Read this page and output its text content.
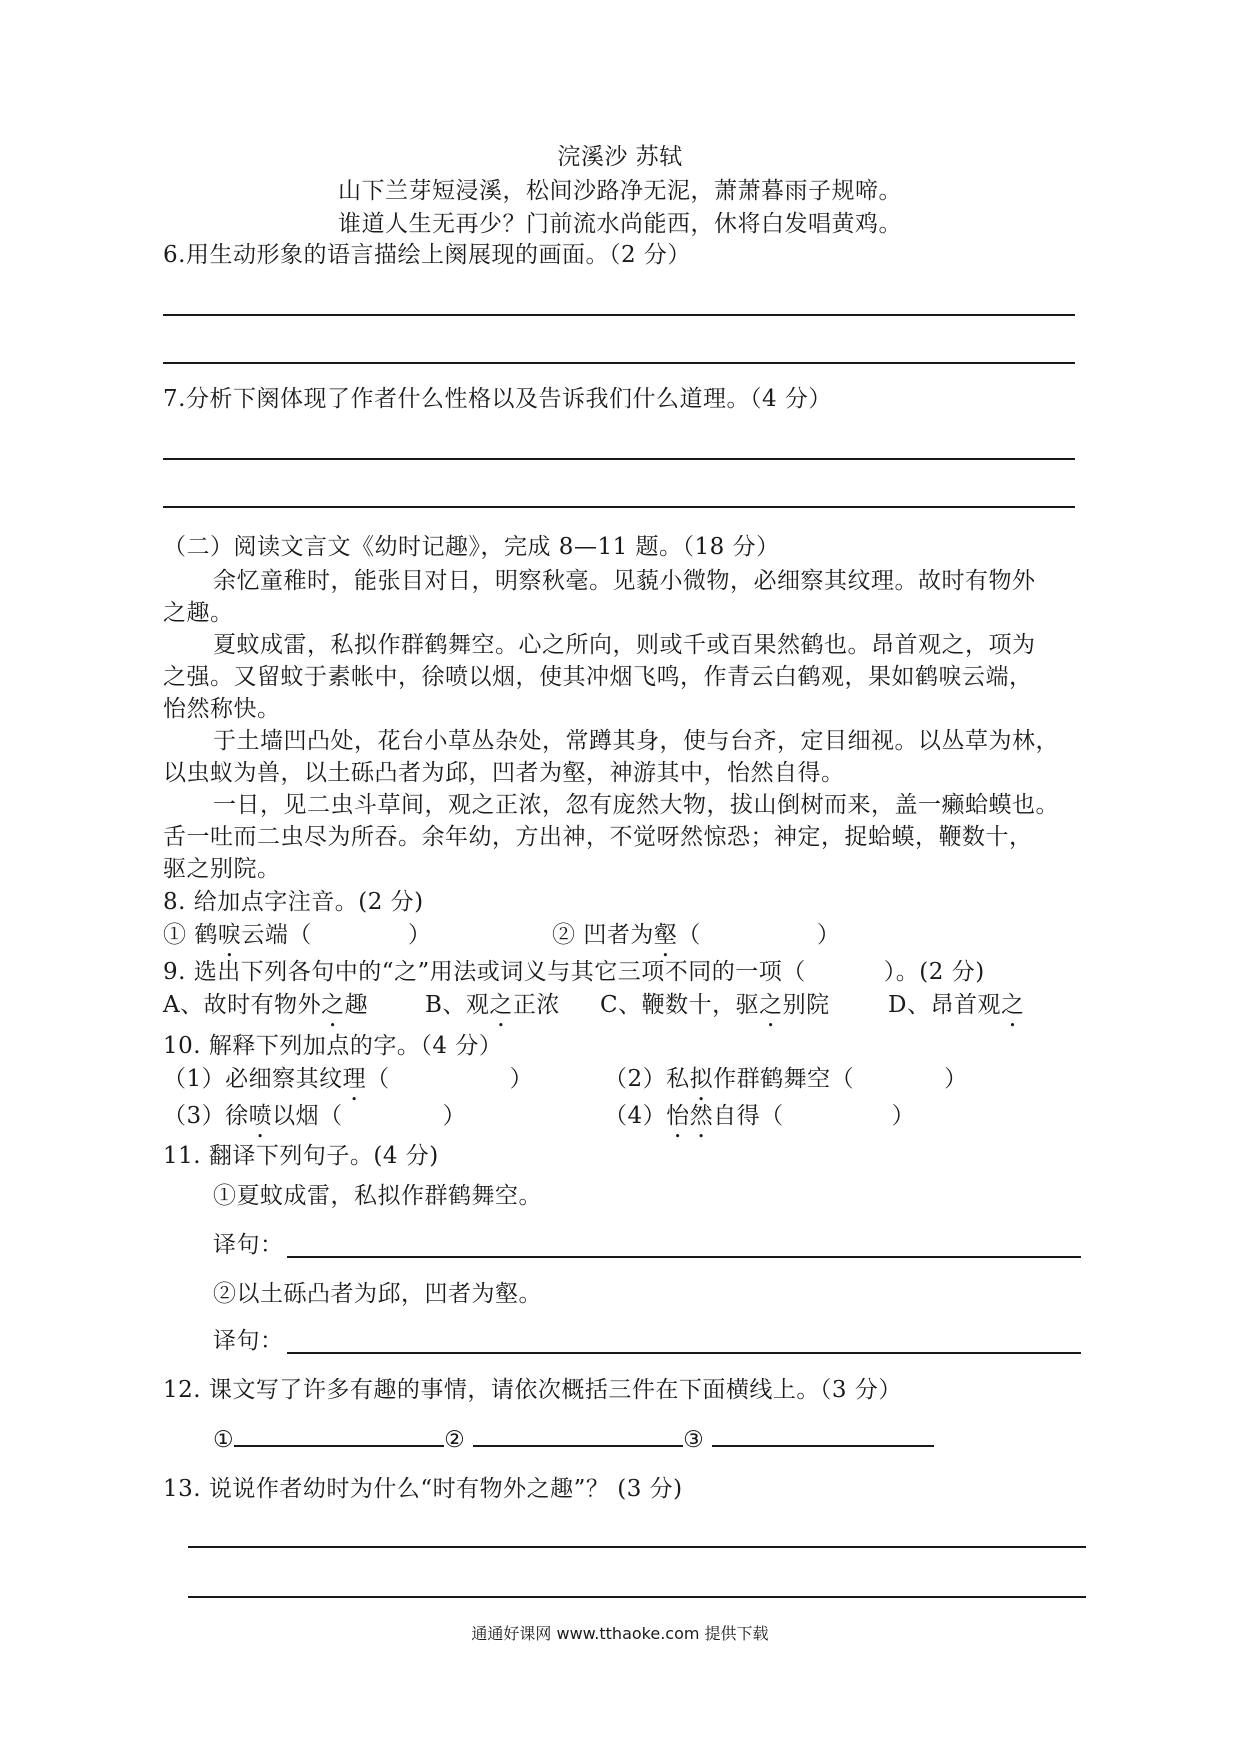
浣溪沙 苏轼
山下兰芽短浸溪，松间沙路净无泥，萧萧暮雨子规啼。
谁道人生无再少？门前流水尚能西，休将白发唱黄鸡。
6.用生动形象的语言描绘上阕展现的画面。（2 分）
7.分析下阕体现了作者什么性格以及告诉我们什么道理。（4 分）
（二）阅读文言文《幼时记趣》，完成 8—11 题。（18 分）
余忆童稚时，能张目对日，明察秋毫。见藐小微物，必细察其纹理。故时有物外
之趣。
夏蚊成雷，私拟作群鹤舞空。心之所向，则或千或百果然鹤也。昂首观之，项为
之强。又留蚊于素帐中，徐喷以烟，使其冲烟飞鸣，作青云白鹤观，果如鹤唳云端，
怡然称快。
于土墙凹凸处，花台小草丛杂处，常蹲其身，使与台齐，定目细视。以丛草为林，
以虫蚁为兽，以土砾凸者为邱，凹者为壑，神游其中，怡然自得。
一日，见二虫斗草间，观之正浓，忽有庞然大物，拔山倒树而来，盖一癞蛤蟆也。
舌一吐而二虫尽为所吞。余年幼，方出神，不觉呀然惊恐；神定，捉蛤蟆，鞭数十，
驱之别院。
8. 给加点字注音。(2 分)
① 鹤唳云端（	）	② 凹者为壑（	）
9. 选出下列各句中的“之”用法或词义与其它三项不同的一项（	）。(2 分)
A、故时有物外之趣 B、观之正浓 C、鞭数十，驱之别院	D、昂首观之
10. 解释下列加点的字。（4 分）
（1）必细察其纹理（	）	（2）私拟作群鹤舞空（	）
（3）徐喷以烟（	）	（4）怡然自得（	）
11. 翻译下列句子。(4 分)
①夏蚊成雷，私拟作群鹤舞空。
译句：
②以土砾凸者为邱，凹者为壑。
译句：
12. 课文写了许多有趣的事情，请依次概括三件在下面横线上。（3 分）
①	②	③
13. 说说作者幼时为什么“时有物外之趣”？ (3 分)
通通好课网 www.tthaoke.com 提供下载
